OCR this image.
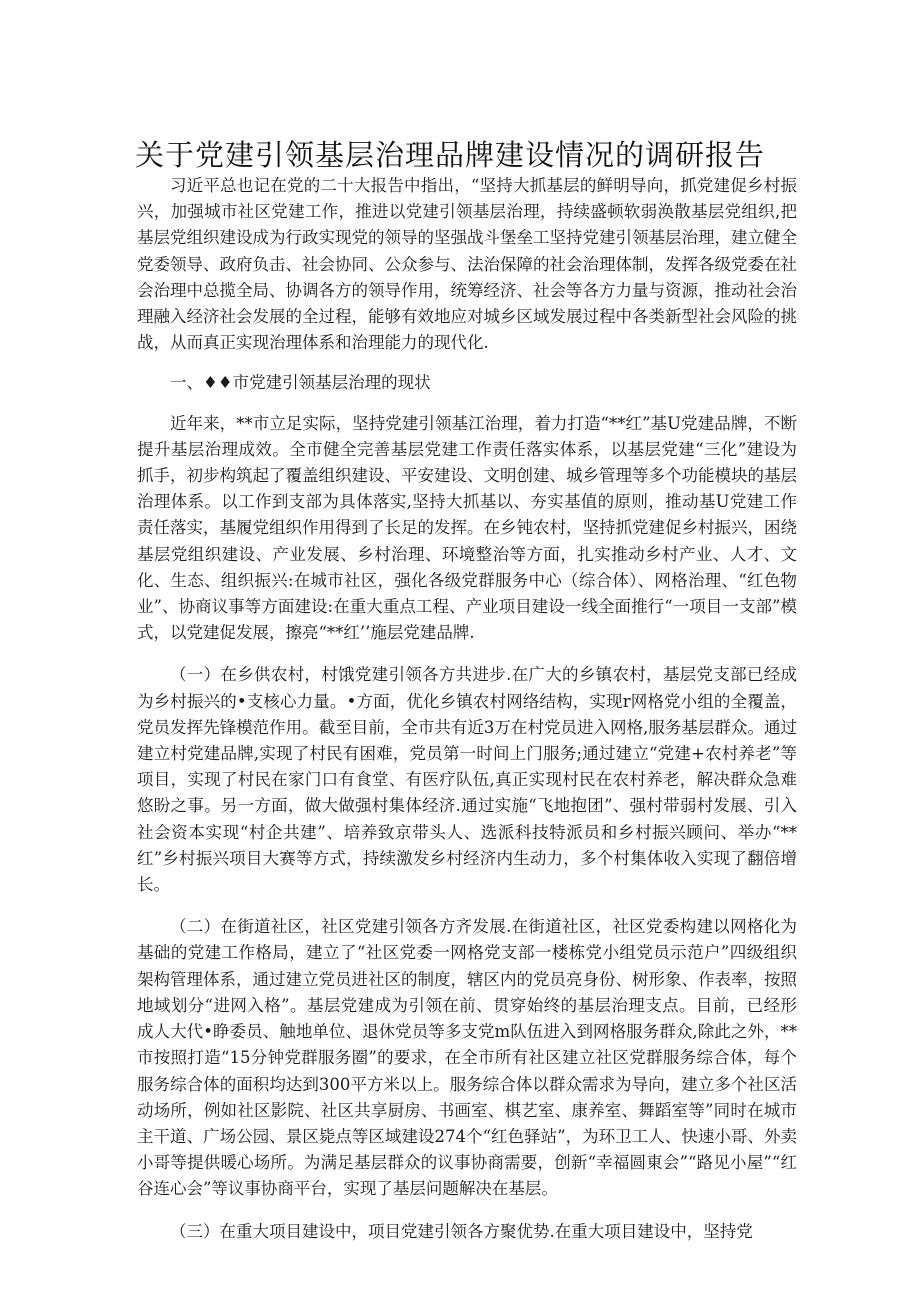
关于党建引领基层治理品牌建设情况的调研报告

习近平总也记在党的二十大报告中指出，“坚持大抓基层的鲜明导向，抓党建促乡村振兴，加强城市社区党建工作，推进以党建引领基层治理，持续盛顿软弱涣散基层党组织,把基层党组织建设成为行政实现党的领导的坚强战斗堡垒工坚持党建引领基层治理，建立健全党委领导、政府负击、社会协同、公众参与、法治保障的社会治理体制，发挥各级党委在社会治理中总揽全局、协调各方的领导作用，统筹经济、社会等各方力量与资源，推动社会治理融入经济社会发展的全过程，能够有效地应对城乡区域发展过程中各类新型社会风险的挑战，从而真正实现治理体系和治理能力的现代化.

一、♦♦市党建引领基层治理的现状

近年来，**市立足实际，坚持党建引领基江治理，着力打造“**红”基U党建品牌，不断提升基层治理成效。全市健全完善基层党建工作责任落实体系，以基层党建“三化”建设为抓手，初步构筑起了覆盖组织建设、平安建设、文明创建、城乡管理等多个功能模块的基层治理体系。以工作到支部为具体落实,坚持大抓基以、夯实基值的原则，推动基U党建工作责任落实，基履党组织作用得到了长足的发挥。在乡钝农村，坚持抓党建促乡村振兴，困绕基层党组织建设、产业发展、乡村治理、环境整治等方面，扎实推动乡村产业、人才、文化、生态、组织振兴:在城市社区，强化各级党群服务中心（综合体）、网格治理、“红色物业”、协商议事等方面建设:在重大重点工程、产业项目建设一线全面推行“一项目一支部”模式，以党建促发展，擦亮“**红’’施层党建品牌.

（一）在乡供农村，村饿党建引领各方共进步.在广大的乡镇农村，基层党支部已经成为乡村振兴的•支核心力量。•方面，优化乡镇农村网络结构，实现r网格党小组的全覆盖，党员发挥先锋模范作用。截至目前，全市共有近3万在村党员进入网格,服务基层群众。通过建立村党建品牌,实现了村民有困难，党员第一时间上门服务;通过建立“党建+农村养老”等项目，实现了村民在家门口有食堂、有医疗队伍,真正实现村民在农村养老，解决群众急难悠盼之事。另一方面，做大做强村集体经济.通过实施“飞地抱团”、强村带弱村发展、引入社会资本实现“村企共建”、培养致京带头人、选派科技特派员和乡村振兴顾问、举办“**红”乡村振兴项目大赛等方式，持续激发乡村经济内生动力，多个村集体收入实现了翻倍增长。

（二）在街道社区，社区党建引领各方齐发展.在街道社区，社区党委构建以网格化为基础的党建工作格局，建立了“社区党委一网格党支部一楼栋党小组党员示范户”四级组织架构管理体系，通过建立党员进社区的制度，辖区内的党员亮身份、树形象、作表率，按照地域划分“进网入格”。基层党建成为引领在前、贯穿始终的基层治理支点。目前，已经形成人大代•睁委员、触地单位、退休党员等多支党m队伍进入到网格服务群众,除此之外，**市按照打造“15分钟党群服务圈”的要求，在全市所有社区建立社区党群服务综合体，每个服务综合体的面积均达到300平方米以上。服务综合体以群众需求为导向，建立多个社区活动场所，例如社区影院、社区共享厨房、书画室、棋艺室、康养室、舞蹈室等”同时在城市主干道、广场公园、景区毙点等区域建设274个“红色驿站”，为环卫工人、快速小哥、外卖小哥等提供暖心场所。为满足基层群众的议事协商需要，创新“幸福圆東会”“路见小屋”“红谷连心会”等议事协商平台，实现了基层问题解决在基层。

（三）在重大项目建设中，项目党建引领各方聚优势.在重大项目建设中，坚持党
